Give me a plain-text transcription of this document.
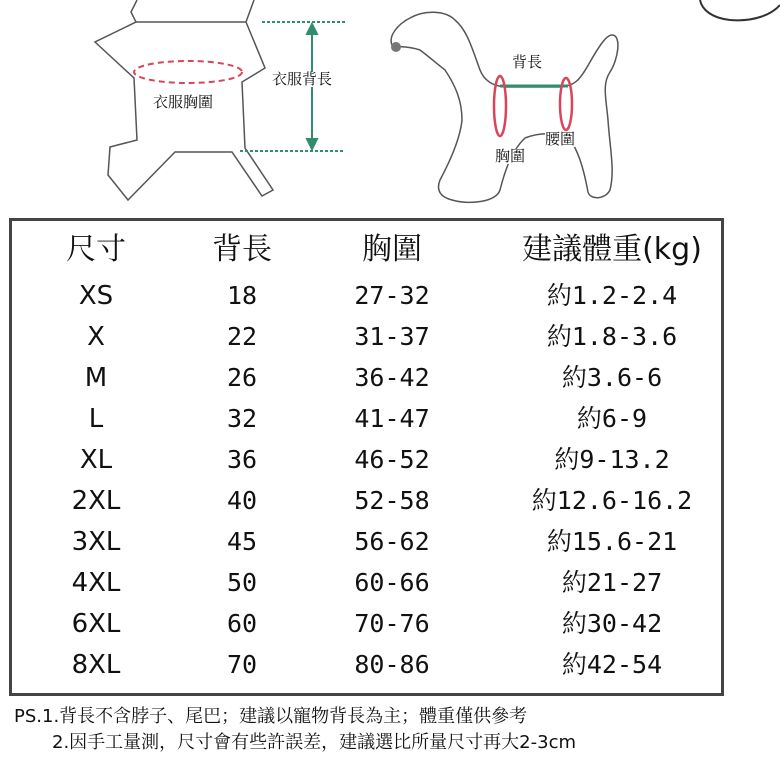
衣服胸圍
衣服背長
背長
腰圍
胸圍
尺寸	背長	胸圍	建議體重(kg)
XS	18	27-32	約1.2-2.4
X	22	31-37	約1.8-3.6
M	26	36-42	約3.6-6
L	32	41-47	約6-9
XL	36	46-52	約9-13.2
2XL	40	52-58	約12.6-16.2
3XL	45	56-62	約15.6-21
4XL	50	60-66	約21-27
6XL	60	70-76	約30-42
8XL	70	80-86	約42-54
PS.1.背長不含脖子、尾巴；建議以寵物背長為主；體重僅供參考
2.因手工量測，尺寸會有些許誤差，建議選比所量尺寸再大2-3cm
